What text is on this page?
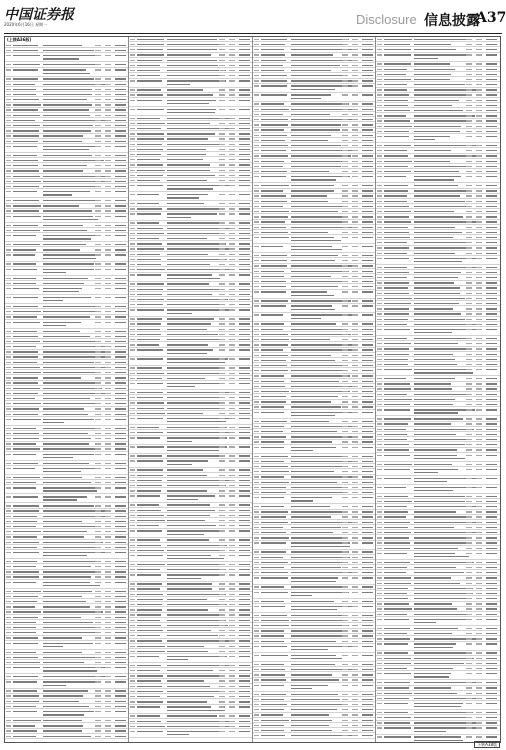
中国证券报
2020年6月16日 星期一	Disclosure 信息披露
A37
(上接A36版)
下转A38版
